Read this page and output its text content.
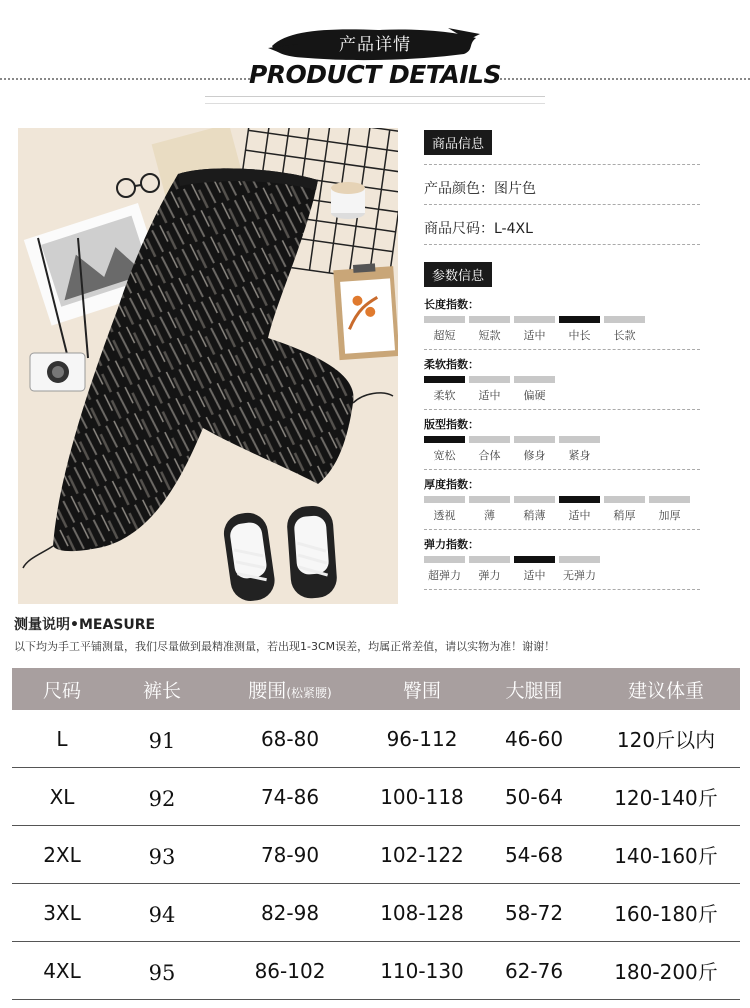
产品详情
PRODUCT DETAILS
商品信息
产品颜色：图片色
商品尺码：L-4XL
参数信息
长度指数：
超短	短款	适中	中长	长款
柔软指数：
柔软	适中	偏硬
版型指数：
宽松	合体	修身	紧身
厚度指数：
透视	薄	稍薄	适中	稍厚	加厚
弹力指数：
超弹力	弹力	适中	无弹力
测量说明•MEASURE
以下均为手工平铺测量，我们尽量做到最精准测量，若出现1-3CM误差，均属正常差值，请以实物为准！谢谢！
尺码	裤长	腰围(松紧腰)	臀围	大腿围	建议体重
L	91	68-80	96-112	46-60	120斤以内
XL	92	74-86	100-118	50-64	120-140斤
2XL	93	78-90	102-122	54-68	140-160斤
3XL	94	82-98	108-128	58-72	160-180斤
4XL	95	86-102	110-130	62-76	180-200斤
